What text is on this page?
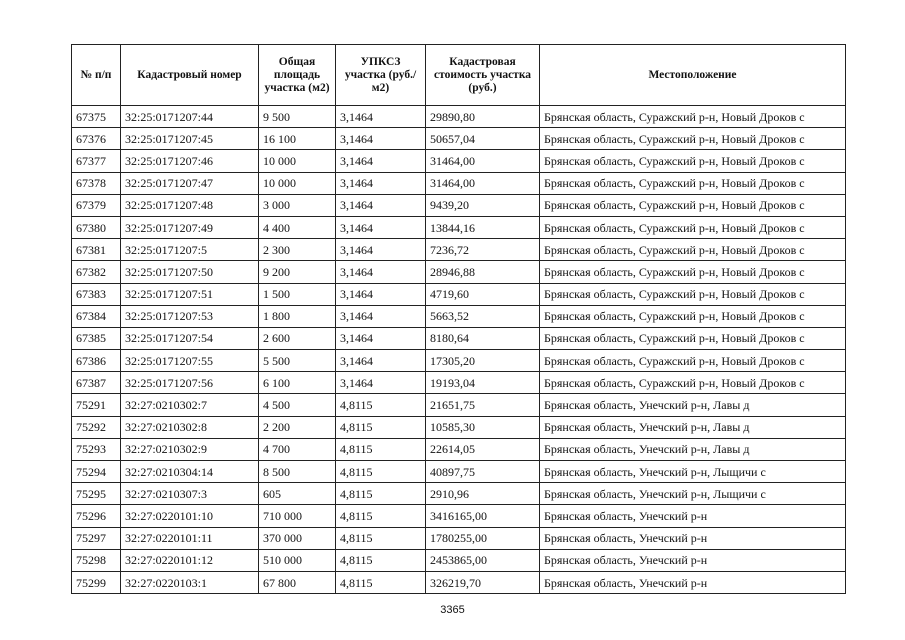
№ п/п	Кадастровый номер	Общая площадь участка (м2)	УПКСЗ участка (руб./м2)	Кадастровая стоимость участка (руб.)	Местоположение
67375	32:25:0171207:44	9 500	3,1464	29890,80	Брянская область, Суражский р-н, Новый Дроков с
67376	32:25:0171207:45	16 100	3,1464	50657,04	Брянская область, Суражский р-н, Новый Дроков с
67377	32:25:0171207:46	10 000	3,1464	31464,00	Брянская область, Суражский р-н, Новый Дроков с
67378	32:25:0171207:47	10 000	3,1464	31464,00	Брянская область, Суражский р-н, Новый Дроков с
67379	32:25:0171207:48	3 000	3,1464	9439,20	Брянская область, Суражский р-н, Новый Дроков с
67380	32:25:0171207:49	4 400	3,1464	13844,16	Брянская область, Суражский р-н, Новый Дроков с
67381	32:25:0171207:5	2 300	3,1464	7236,72	Брянская область, Суражский р-н, Новый Дроков с
67382	32:25:0171207:50	9 200	3,1464	28946,88	Брянская область, Суражский р-н, Новый Дроков с
67383	32:25:0171207:51	1 500	3,1464	4719,60	Брянская область, Суражский р-н, Новый Дроков с
67384	32:25:0171207:53	1 800	3,1464	5663,52	Брянская область, Суражский р-н, Новый Дроков с
67385	32:25:0171207:54	2 600	3,1464	8180,64	Брянская область, Суражский р-н, Новый Дроков с
67386	32:25:0171207:55	5 500	3,1464	17305,20	Брянская область, Суражский р-н, Новый Дроков с
67387	32:25:0171207:56	6 100	3,1464	19193,04	Брянская область, Суражский р-н, Новый Дроков с
75291	32:27:0210302:7	4 500	4,8115	21651,75	Брянская область, Унечский р-н, Лавы д
75292	32:27:0210302:8	2 200	4,8115	10585,30	Брянская область, Унечский р-н, Лавы д
75293	32:27:0210302:9	4 700	4,8115	22614,05	Брянская область, Унечский р-н, Лавы д
75294	32:27:0210304:14	8 500	4,8115	40897,75	Брянская область, Унечский р-н, Лыщичи с
75295	32:27:0210307:3	605	4,8115	2910,96	Брянская область, Унечский р-н, Лыщичи с
75296	32:27:0220101:10	710 000	4,8115	3416165,00	Брянская область, Унечский р-н
75297	32:27:0220101:11	370 000	4,8115	1780255,00	Брянская область, Унечский р-н
75298	32:27:0220101:12	510 000	4,8115	2453865,00	Брянская область, Унечский р-н
75299	32:27:0220103:1	67 800	4,8115	326219,70	Брянская область, Унечский р-н
3365
